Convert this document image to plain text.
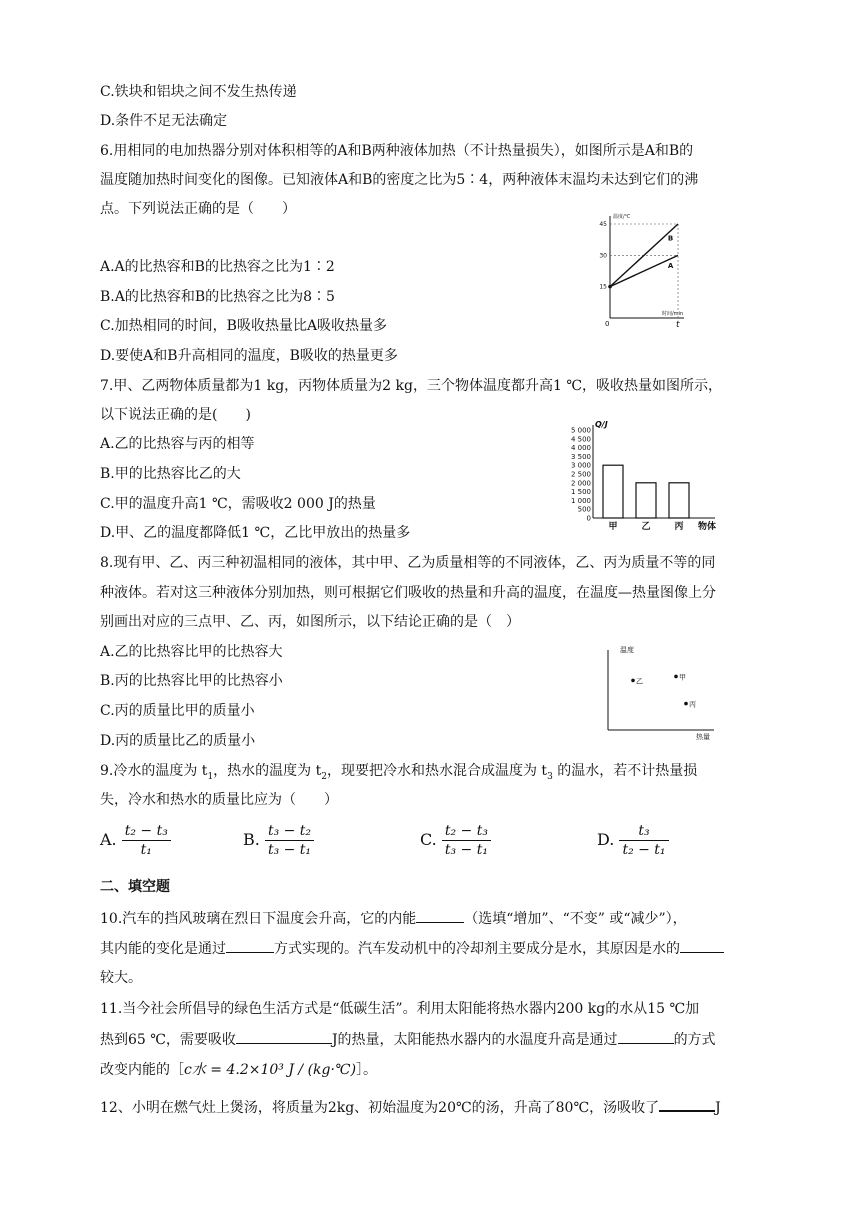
C.铁块和铝块之间不发生热传递
D.条件不足无法确定
6.用相同的电加热器分别对体积相等的A和B两种液体加热（不计热量损失），如图所示是A和B的
温度随加热时间变化的图像。已知液体A和B的密度之比为5∶4，两种液体末温均未达到它们的沸
点。下列说法正确的是（　　）
A.A的比热容和B的比热容之比为1∶2
B.A的比热容和B的比热容之比为8∶5
C.加热相同的时间，B吸收热量比A吸收热量多
D.要使A和B升高相同的温度，B吸收的热量更多
温度/℃
时间/min
0	t
15
30
45
B
A
7.甲、乙两物体质量都为1 kg，丙物体质量为2 kg，三个物体温度都升高1 ℃，吸收热量如图所示，
以下说法正确的是(　　)
A.乙的比热容与丙的相等
B.甲的比热容比乙的大
C.甲的温度升高1 ℃，需吸收2 000 J的热量
D.甲、乙的温度都降低1 ℃，乙比甲放出的热量多
Q/J
0
500
1 000
1 500
2 000
2 500
3 000
3 500
4 000
4 500
5 000
甲	乙	丙 物体
8.现有甲、乙、丙三种初温相同的液体，其中甲、乙为质量相等的不同液体，乙、丙为质量不等的同
种液体。若对这三种液体分别加热，则可根据它们吸收的热量和升高的温度，在温度—热量图像上分
别画出对应的三点甲、乙、丙，如图所示，以下结论正确的是（　）
A.乙的比热容比甲的比热容大
B.丙的比热容比甲的比热容小
C.丙的质量比甲的质量小
D.丙的质量比乙的质量小
温度
热量
乙	甲
丙
9.冷水的温度为 $t_1$，热水的温度为 $t_2$，现要把冷水和热水混合成温度为 $t_3$ 的温水，若不计热量损
失，冷水和热水的质量比应为（　　）
A. $\frac{\text{t₂ − t₃}}{\text{t₁}}$	B. $\frac{\text{t₃ − t₂}}{\text{t₃ − t₁}}$	C. $\frac{\text{t₂ − t₃}}{\text{t₃ − t₁}}$	D. $\frac{\text{t₃}}{\text{t₂ − t₁}}$
二、填空题
10.汽车的挡风玻璃在烈日下温度会升高，它的内能	（选填“增加”、“不变” 或“减少”），
其内能的变化是通过	方式实现的。汽车发动机中的冷却剂主要成分是水，其原因是水的
较大。
11.当今社会所倡导的绿色生活方式是“低碳生活”。利用太阳能将热水器内200 kg的水从15 ℃加
热到65 ℃，需要吸收	J的热量，太阳能热水器内的水温度升高是通过	的方式
改变内能的［c水 = 4.2×10³ J / (kg·℃)］。
12、小明在燃气灶上煲汤，将质量为2kg、初始温度为20℃的汤，升高了80℃，汤吸收了	J
